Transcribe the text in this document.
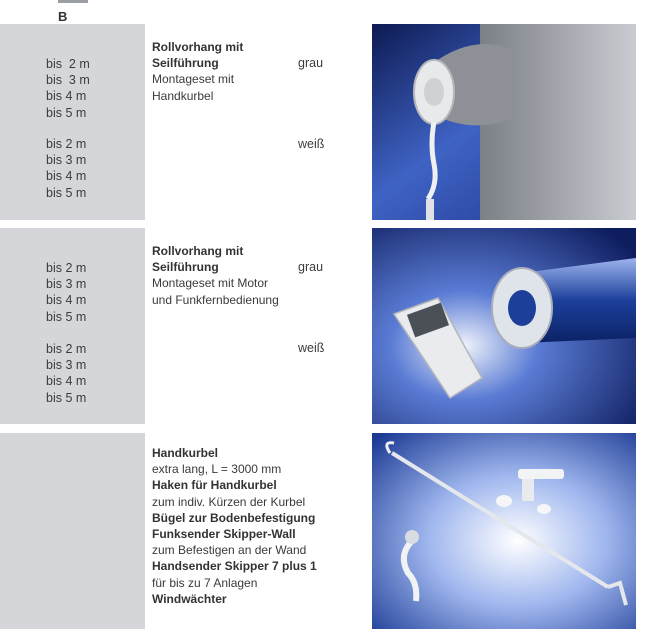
B
bis  2 m
bis  3 m
bis 4 m
bis 5 m
bis 2 m
bis 3 m
bis 4 m
bis 5 m
Rollvorhang mit
Seilführung
Montageset mit
Handkurbel
grau
weiß
bis 2 m
bis 3 m
bis 4 m
bis 5 m
bis 2 m
bis 3 m
bis 4 m
bis 5 m
Rollvorhang mit
Seilführung
Montageset mit Motor
und Funkfernbedienung
grau
weiß
Handkurbel
extra lang, L = 3000 mm
Haken für Handkurbel
zum indiv. Kürzen der Kurbel
Bügel zur Bodenbefestigung
Funksender Skipper-Wall
zum Befestigen an der Wand
Handsender Skipper 7 plus 1
für bis zu 7 Anlagen
Windwächter
